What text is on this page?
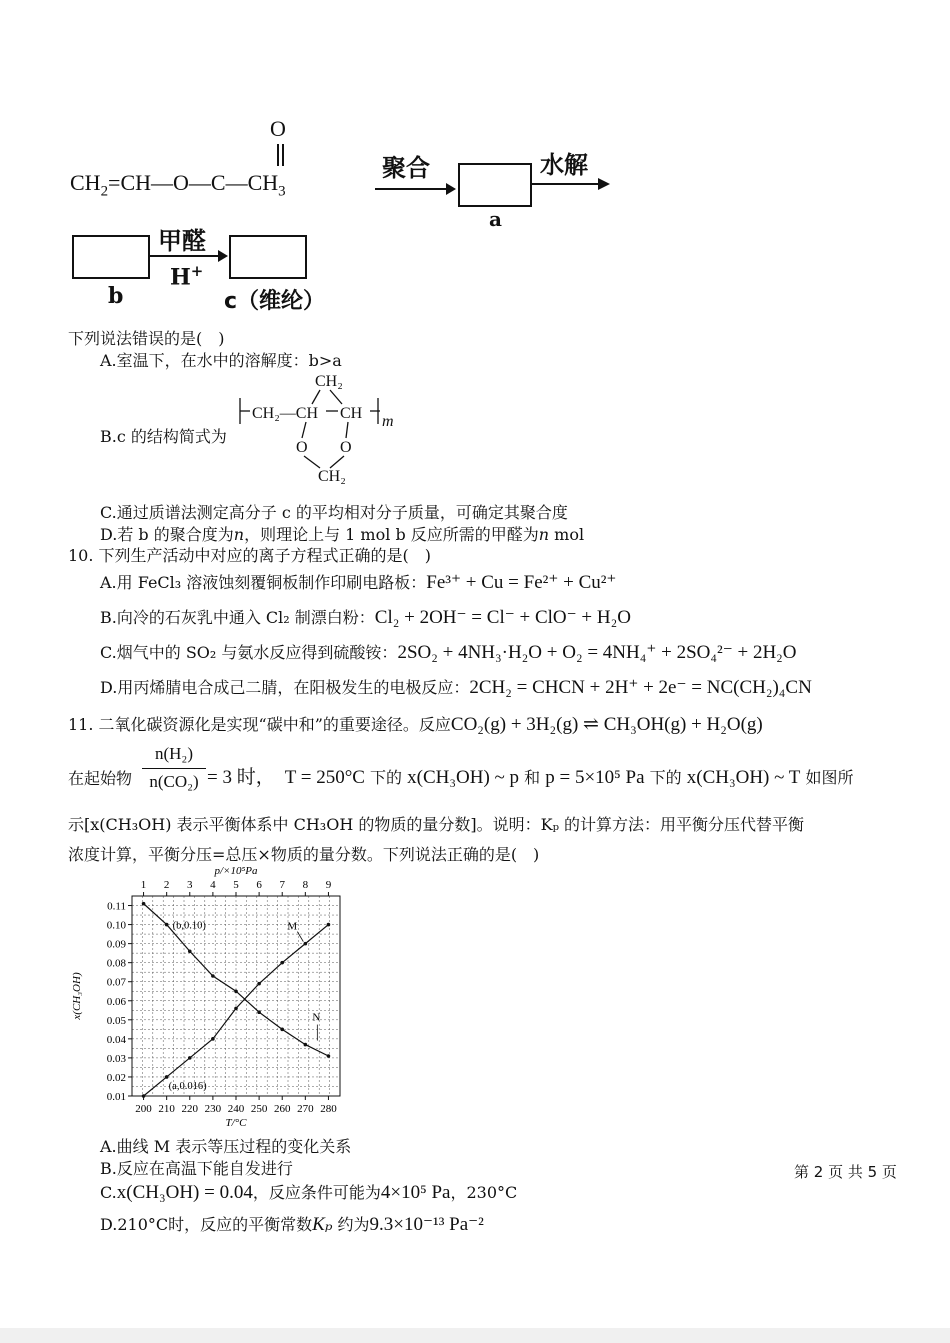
O
$CH_2=CH—O—C—CH_3$
聚合
a
水解
b
甲醛
H+
c（维纶）
下列说法错误的是(　)
A.室温下，在水中的溶解度：b>a
B.c 的结构简式为
CH₂
CH₂—CH CH
O O
CH₂
m
C.通过质谱法测定高分子 c 的平均相对分子质量，可确定其聚合度
D.若 b 的聚合度为n，则理论上与 1 mol b 反应所需的甲醛为n mol
10. 下列生产活动中对应的离子方程式正确的是(　)
A.用 FeCl₃ 溶液蚀刻覆铜板制作印刷电路板：Fe³⁺ + Cu = Fe²⁺ + Cu²⁺
B.向冷的石灰乳中通入 Cl₂ 制漂白粉：Cl₂ + 2OH⁻ = Cl⁻ + ClO⁻ + H₂O
C.烟气中的 SO₂ 与氨水反应得到硫酸铵：2SO₂ + 4NH₃·H₂O + O₂ = 4NH₄⁺ + 2SO₄²⁻ + 2H₂O
D.用丙烯腈电合成己二腈，在阳极发生的电极反应：2CH₂ = CHCN + 2H⁺ + 2e⁻ = NC(CH₂)₄CN
11. 二氧化碳资源化是实现“碳中和”的重要途径。反应CO₂(g) + 3H₂(g) ⇌ CH₃OH(g) + H₂O(g)
在起始物
n(H₂)
n(CO₂) = 3 时， T = 250°C 下的 x(CH₃OH) ~ p 和 p = 5×10⁵ Pa 下的 x(CH₃OH) ~ T 如图所
示[x(CH₃OH) 表示平衡体系中 CH₃OH 的物质的量分数]。说明：Kₚ 的计算方法：用平衡分压代替平衡
浓度计算，平衡分压=总压×物质的量分数。下列说法正确的是(　)
1 2 3 4 5 6 7 8 9
200 210 220 230 240 250 260 270 280
0.01
0.02
0.03
0.04
0.05
0.06
0.07
0.08
0.09
0.10
0.11
p/×10⁵Pa
T/°C
x(CH₃OH)
M
N
(b,0.10)
(a,0.016)
A.曲线 M 表示等压过程的变化关系
B.反应在高温下能自发进行
C.x(CH₃OH) = 0.04，反应条件可能为4×10⁵ Pa，230°C
D.210°C时，反应的平衡常数Kₚ 约为9.3×10⁻¹³ Pa⁻²
第 2 页 共 5 页
